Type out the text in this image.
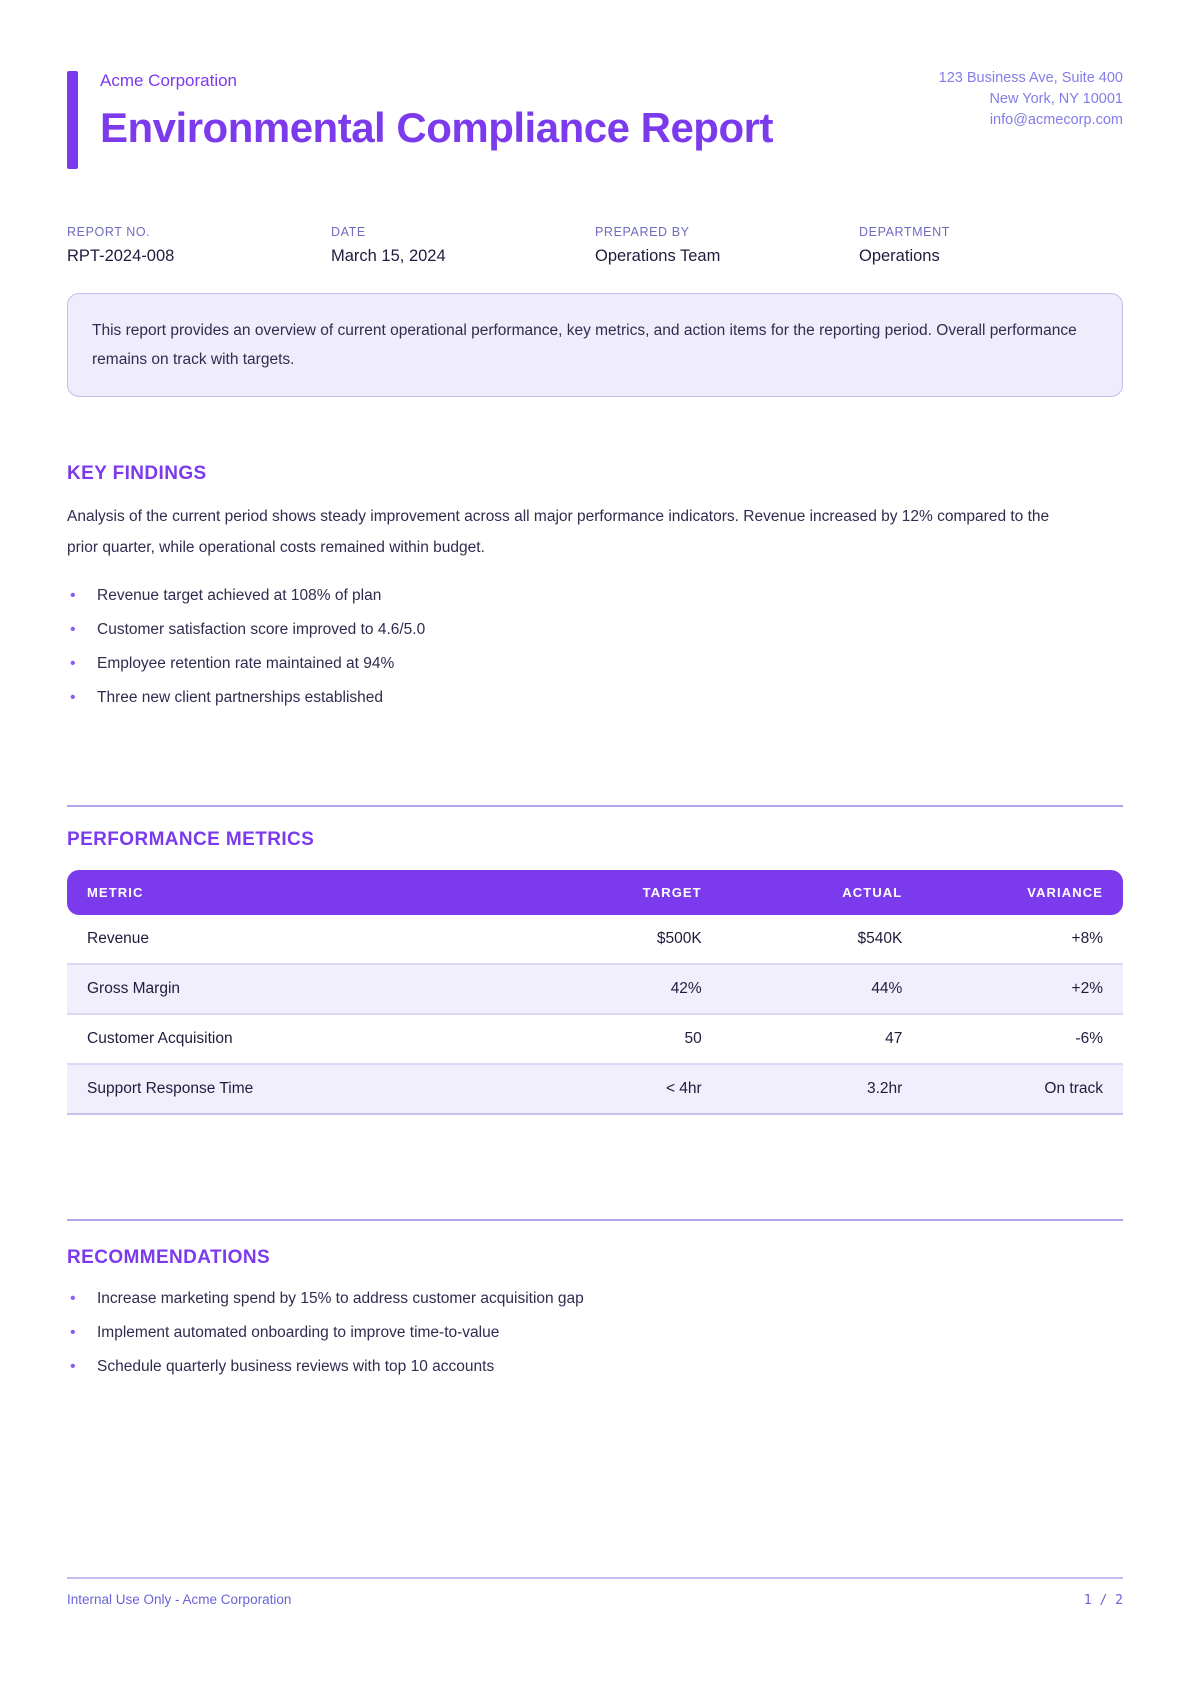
Acme Corporation
Environmental Compliance Report
123 Business Ave, Suite 400
New York, NY 10001
info@acmecorp.com
REPORT NO.
RPT-2024-008
DATE
March 15, 2024
PREPARED BY
Operations Team
DEPARTMENT
Operations
This report provides an overview of current operational performance, key metrics, and action items for the reporting period. Overall performance remains on track with targets.
KEY FINDINGS

Analysis of the current period shows steady improvement across all major performance indicators. Revenue increased by 12% compared to the prior quarter, while operational costs remained within budget.

• Revenue target achieved at 108% of plan
• Customer satisfaction score improved to 4.6/5.0
• Employee retention rate maintained at 94%
• Three new client partnerships established
PERFORMANCE METRICS
METRIC	TARGET	ACTUAL	VARIANCE
Revenue	$500K	$540K	+8%
Gross Margin	42%	44%	+2%
Customer Acquisition	50	47	-6%
Support Response Time	< 4hr	3.2hr	On track
RECOMMENDATIONS
• Increase marketing spend by 15% to address customer acquisition gap
• Implement automated onboarding to improve time-to-value
• Schedule quarterly business reviews with top 10 accounts
Internal Use Only - Acme Corporation	1 / 2
